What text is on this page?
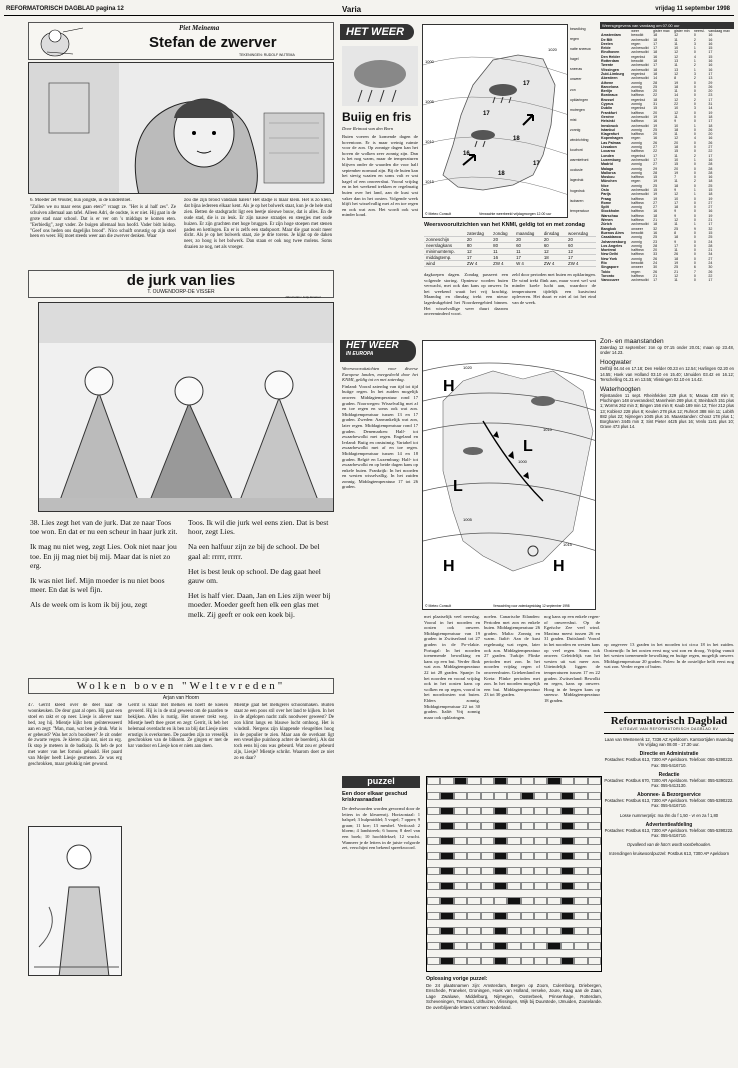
REFORMATORISCH DAGBLAD pagina 12	Varia	vrijdag 11 september 1998
Piet Meinema
Stefan de zwerver
TEKENINGEN: RUDOLF WIJTEMA

6. Moeder zet Wouter, hun jongste, in de kinderstoel.

"Zullen we nu maar eens gaan eten?" vraagt ze. "Het is al half zes". Ze schuiven allemaal aan tafel. Alleen Adri, de oudste, is er niet. Hij gaat in de grote stad naar school. Dat is er ver om 's middags te komen eten. "Eerbiedig", zegt vader. Ze buigen allemaal hun hoofd. Vader bidt luidop. "Geef ons heden ons dagelijks brood". Nico schuift onrustig op zijn stoel heen en weer. Hij moet steeds weer aan die zwerver denken. Waar

zou die zijn brood vandaan halen? Het stadje is maar klein. Het is zo klein, dat bijna iedereen elkaar kent. Als je op het bolwerk staat, kun je de hele stad zien. Betten de stadsgracht ligt een beetje nieuwe bouw, dat is alles. En de oude stad, die is zo leuk. Er zijn nauwe straatjes en steegjes met oude huizen. Er zijn grachten met hoge bruggen. Er zijn hoge stoepen met stenen paden en kettingen. En er is zelfs een stadspoort. Maar die gaat nooit meer dicht. Als je op het bolwerk staat, zie je drie torens. Je kijkt op de daken neer, zo hoog is het bolwerk. Dan staan er ook nog twee molens. Soms draaien ze nog, net als vroeger.

de jurk van lies
T. OUWENDORP-DE VISSER
Illustraties: Jetty Kramer

38. Lies zegt het van de jurk. Dat ze naar Toos toe won. En dat er nu een scheur in haar jurk zit.

Ik mag nu niet weg, zegt Lies. Ook niet naar jou toe. En jij mag niet bij mij. Maar dat is niet zo erg.

Ik was niet lief. Mijn moeder is nu niet boos meer. En dat is wel fijn.

Als de week om is kom ik bij jou, zegt

Toos. Ik wil die jurk wel eens zien. Dat is best hoor, zegt Lies.

Na een halfuur zijn ze bij de school. De bel gaal al: rrrrr, rrrrr.

Het is best leuk op school. De dag gaat heel gauw om.

Het is half vier. Daan, Jan en Lies zijn weer bij moeder. Moeder geeft hen elk een glas met melk. Zij geeft er ook een koek bij.

Wolken boven "Weltevreden"
Arjan van Hoorn

47. Gerrit kleed over de deel naar de woonkeuken. De deur gaat al open. Hij gaat een stoel en rakt er op neer. Liesje is aliever naar bed, zeg hij. Mientje kijkt hem geïnteresseerd aan en zegt: "Man, man, wat ben je druk. Wat is er gebeurd? Was het zo'n boosbeer? Je zit onder de zwarte vegen. Je kleren zijn nat, niet zo erg. Ik stop je meteen in de badkuip. Ik heb de pot met water van het fornuis gehaald. Het paard van Meijer heeft Liesje gesmeten. Ze was erg geschrokken, maar gelukkig niet gewond.

Gerrit is klaar met melken en hoeft de koeien gevoerd. Hij is in de stal geweest om de paarden te bekijken. Alles is rustig. Het onweer trekt weg. Mientje heeft thee gezet en zegt: Gerrit, ik heb het helemaal overdacht en ik ben zo blij dat Liesje niets ernstigs is overkomen. De paarden zijn zo vreselijk geschrokken van de bliksem. Ze gingen er met de kar vandoor en Liesje kon er niets aan doen.

Mientje gaat het melkgerei schoonmaken. Buiten staat ze een poos stil over het land te kijken. In het in de afgelopen nacht zulk noodweer geweest? De zon klimt langs en blauwe lucht omhoog. Het is windstil. Nergens zijn klappende vleugelties hoog in de populier te zien. Maar aan de overkant ligt een vreselijke puinhoop achter de boerderij. Als dat toch eens bij ons was gebeurd. Wat zou er gebeurd zijn, Liesje? Mientje schrikt. Waarom doet ze niet zo en daar?

HET WEER
Buiig en fris
Door Reinout van den Born

Buien voeren de komende dagen de boventoon. Er is maar weinig ruimte voor de zon. Op zonnige dagen kan het boven de wolken zeer zonnig zijn. Dan is het nog warm, maar de temperaturen blijven onder de waarden die voor half september normaal zijn. Bij de buien kan het stevig waaien en soms valt er wat hagel of een onweersbui. Vooral vrijdag en in het weekend trekken er regelmatig buien over het land, aan de kust wat vaker dan in het oosten. Volgende week blijft het wisselvallig met af en toe regen en ook wat zon. Het wordt ook wat minder koud.

1000
1005
1010
1015
1020
18
17
17
16
17
18
© Meteo Consult	Verwachte weerbeeld vrijdagmorgen 12.00 uur
bewolking
regen
natte sneeuw
hagel
sneeuw
onweer
zon
opklaringen
motregen
mist
zonnig
windrichting
koufront
warmtefront
occlusie
lagedruk
hogedruk
isobaren
temperatuur
Weersvooruitzichten van het KNMI, geldig tot en met zondag
	zaterdag	zondag	maandag	dinsdag	woensdag
zonneschijn	20	20	20	20	20
neerslagkans	80	80	60	60	60
minimumtemp.	12	11	11	12	12
middagtemp.	17	16	17	18	17
wind	ZW 4	ZW 4	W 4	ZW 4	ZW 4

dagkoepen dagen. Zondag passeert een volgende storing. Opnieuw worden buien verwacht, met ook dan kans op onweer. In het weekend waait het vrij krachtig. Maandag en dinsdag trekt een nieuw lagedrukgebied het Noordzeegebied binnen. Het wisselvallige weer duurt daarom onverminderd voort.

zeld door perioden met buien en opklaringen. De wind trekt flink aan, maar voert wel wat minder koele lucht aan, waardoor de temperaturen tijdelijk een kustwinst opleveren. Het duurt er niet al tot het eind van de week.

Weersgegevens van vandaag om 07.00 uur
	weer	gister max	gister min	neersl.	vandaag max
Amsterdam	bewolkt	18	12	0	16
De Bilt	zw.bewolkt	18	11	2	16
Deelen	regen	17	11	3	16
Eelde	zw.bewolkt	17	10	1	15
Eindhoven	zw.bewolkt	18	12	0	17
Den Helder	regenbui	16	12	4	15
Rotterdam	bewolkt	18	13	1	16
Twente	zw.bewolkt	17	11	2	16
Vlissingen	zw.bewolkt	18	13	1	16
Zuid-Limburg	regenbui	18	12	3	17
Aberdeen	zw.bewolkt	14	8	2	13
Athene	zonnig	28	19	0	29
Barcelona	zonnig	25	18	0	26
Berlijn	halfbew.	20	11	0	20
Bordeaux	halfbew.	22	14	0	23
Brussel	regenbui	18	12	2	17
Cyprus	zonnig	31	22	0	31
Dublin	regenbui	15	10	3	14
Frankfurt	halfbew.	20	12	0	19
Genève	zw.bewolkt	19	11	0	18
Helsinki	halfbew.	16	9	0	17
Innsbruck	zw.bewolkt	19	10	1	18
Istanbul	zonnig	25	18	0	26
Klagenfurt	halfbew.	20	11	0	20
Kopenhagen	regen	16	12	4	16
Las Palmas	zonnig	26	20	0	26
Lissabon	zonnig	27	18	0	27
Locarno	halfbew.	22	15	0	22
Londen	regenbui	17	11	2	17
Luxemburg	zw.bewolkt	17	10	1	16
Madrid	zonnig	27	15	0	28
Malaga	zonnig	29	20	0	28
Mallorca	zonnig	28	19	0	28
Moskou	halfbew.	15	7	0	16
München	regen	19	11	2	18
Nice	zonnig	25	18	0	25
Oslo	zw.bewolkt	15	9	1	15
Parijs	zw.bewolkt	19	12	1	18
Praag	halfbew.	19	10	0	19
Rome	halfbew.	27	17	0	27
Split	zonnig	27	18	0	27
Stockholm	halfbew.	16	9	0	16
Warschau	halfbew.	18	9	0	19
Wenen	halfbew.	21	12	0	21
Zürich	zw.bewolkt	18	11	1	17
Bangkok	onweer	32	25	9	32
Buenos Aires	bewolkt	16	8	0	15
Casablanca	zonnig	25	18	0	25
Johannesburg	zonnig	23	9	0	24
Los Angeles	zonnig	28	17	0	28
Montreal	halfbew.	20	11	0	21
New Delhi	halfbew.	33	26	0	34
New York	zonnig	26	18	0	27
Rio	bewolkt	24	19	0	24
Singapore	onweer	30	25	6	30
Tokio	regen	26	21	7	26
Toronto	halfbew.	21	12	0	22
Vancouver	zw.bewolkt	17	11	0	17
Zon- en maanstanden
Zaterdag 12 september: zon op 07.15 onder 20.01; maan op 23.48, onder 14.23.
Hoogwater
Delfzijl 04.44 en 17.18; Den Helder 00.23 en 12.54; Harlingen 02.20 en 14.55; Hoek van Holland 03.10 en 15.40; IJmuiden 03.42 en 16.12; Terschelling 01.21 en 13.55; Vlissingen 02.10 en 14.42.
Waterhoogten
Rijnstanden 11 sept. Rheinfelden 229 plus 5; Maxau 430 min 8; Plochingen 148 onveranderd; Mannheim 269 plus 4; Steinbach 151 plus 1; Worms 262 min 3; Bingen 156 min 9; Kaub 189 min 12; Trier 212 plus 13; Koblenz 228 plus 8; Keulen 278 plus 12; Ruhrort 388 min 11; Lobith 882 plus 22; Nijmegen 1045 plus 16. Maasstanden: Chooz 178 plus 1; Borgharen 3445 min 3; Sint Pieter 4425 plus 16; Venlo 1141 plus 10; Grave 473 plus 14.
HET WEER
IN EUROPA

Weersvooruitzichten voor diverse Europese landen, meegedeeld door het KNMI, geldig tot en met zaterdag.

Finland: Vooral zaterdag van tijd tot tijd buiige regen. In het zuiden mogelijk onweer. Middagtemperatuur rond 17 graden. Noorwegen: Wisselvallig met af en toe regen en soms ook wat zon. Middagtemperatuur tussen 13 en 17 graden. Zweden: Aanvankelijk wat zon, later regen. Middagtemperatuur rond 17 graden. Denemarken: Half- tot zwaarbewolkt met regen. Engeland en Ierland: Buiig en onstuimig. Variabel tot zwaarbewolkt met af en toe regen. Middagtemperatuur tussen 14 en 18 graden. België en Luxemburg: Half- tot zwaarbewolkt en op beide dagen kans op enkele buien. Frankrijk: In het noorden en westen wisselvallig. In het zuiden zonnig. Middagtemperatuur 17 tot 26 graden.

H
L
L
H	H
1020
1010
1000
1005
1015
© Meteo Consult	Verwachting voor zaterdagmiddag 12 september 1998

met plaatselijk veel neerslag. Vooral in het noorden en oosten ook onweer. Middagtemperatuur van 19 graden in Zwitserland tot 27 graden in de Po-vlakte. Portugal: In het noorden toenemende bewolking en kans op een bui. Verder flink wat zon. Middagtemperatuur 22 tot 28 graden. Spanje: In het noorden en vooral vrijdag ook in het oosten kans op wolken en op regen, vooral in het noordoosten wat buien. Elders zonnig. Middagtemperatuur 22 tot 30 graden. Italië: Vrij zonnig maar ook opklaringen.

noelen. Canarische Eilanden: Perioden met zon en enkele buien. Middagtemperatuur 26 graden. Malta: Zonnig en warm. Italië: Aan de kust regelmatig wat regen, later ook zon. Middagtemperatuur 27 graden. Turkije: Flinke perioden met zon. In het noorden vrijdag regen of onweersbuien. Griekenland en Kreta: Flinke perioden met zon. In het noorden mogelijk een bui. Middagtemperatuur 23 tot 30 graden.

nog kans op een enkele regen- of onweersbui. Op de Egeïsche Zee veel wind. Maxima meest tussen 26 en 31 graden. Duitsland: Vooral in het noorden en westen kans op veel regen. Soms ook onweer. Geleidelijk van het westen uit wat meer zon. Uiteindelijk liggen de temperaturen tussen 17 en 22 graden. Zwitserland: Bewolkt en regen, kans op onweer. Hoog in de bergen kans op sneeuw. Middagtemperatuur 18 graden.

op ongeveer 13 graden in het noorden tot circa 18 in het zuiden. Oostenrijk: In het oosten eerst nog wat zon en droog. Vrijdag vanuit het westen toenemende bewolking en buiige regen, mogelijk onweer. Middagtemperatuur 20 graden. Polen: In de oostelijke helft eerst nog wat zon. Verder regen of buien.

puzzel
Een door elkaar geschud kriskrasraadsel

De deelwoorden worden gevormd door de letters in de kleurenrij. Horizontaal: 1 balspel; 3 hulpmiddel; 5 vogel; 7 opper; 9 graan; 11 koe; 13 meubel. Verticaal: 2 bloem; 4 landstreek; 6 boom; 8 deel van een boek; 10 hoofddeksel; 12 vrucht. Wanneer je de letters in de juiste volgorde zet, verschijnt een bekend spreekwoord.

Oplossing vorige puzzel:
De 24 plaatsnamen zijn: Amsterdam, Bergen op Zoom, Culemborg, Driebergen, Enschede, Franeker, Groningen, Hoek van Holland, Ierseke, Joure, Kaag aan de Zaan, Lage Zwaluwe, Middelburg, Nijmegen, Oosterbeek, Prinsenhage, Rotterdam, Scheveningen, Ternaard, Uithuizen, Vlissingen, Wijk bij Duurstede, IJmuiden, Zoutelande. De overblijvende letters vormen: Nederland.
Reformatorisch Dagblad
UITGAVE VAN REFORMATORISCH DAGBLAD BV
Laan van Westenenk 12, 7336 AZ Apeldoorn. Kantoortijden maandag t/m vrijdag van 08.00 - 17.30 uur.
Directie en Administratie
Postadres: Postbus 613, 7300 AP Apeldoorn. Telefoon: 055-5390222. Fax: 055-5416710.
Redactie
Postadres: Postbus 670, 7300 AR Apeldoorn. Telefoon: 055-5390222. Fax: 055-5413130.
Abonnee- & Bezorgservice
Postadres: Postbus 613, 7300 AP Apeldoorn. Telefoon: 055-5390222. Fax: 055-5416710.
Losse nummerprijs: ma t/m do f 1,50 - vr en za f 1,80
Advertentieafdeling
Postadres: Postbus 613, 7300 AP Apeldoorn. Telefoon: 055-5390222. Fax: 055-5416710.
Opvallend van de foto's wordt voorbehouden.
Inzendingen kruiswoordpuzzel: Postbus 613, 7300 AP Apeldoorn
